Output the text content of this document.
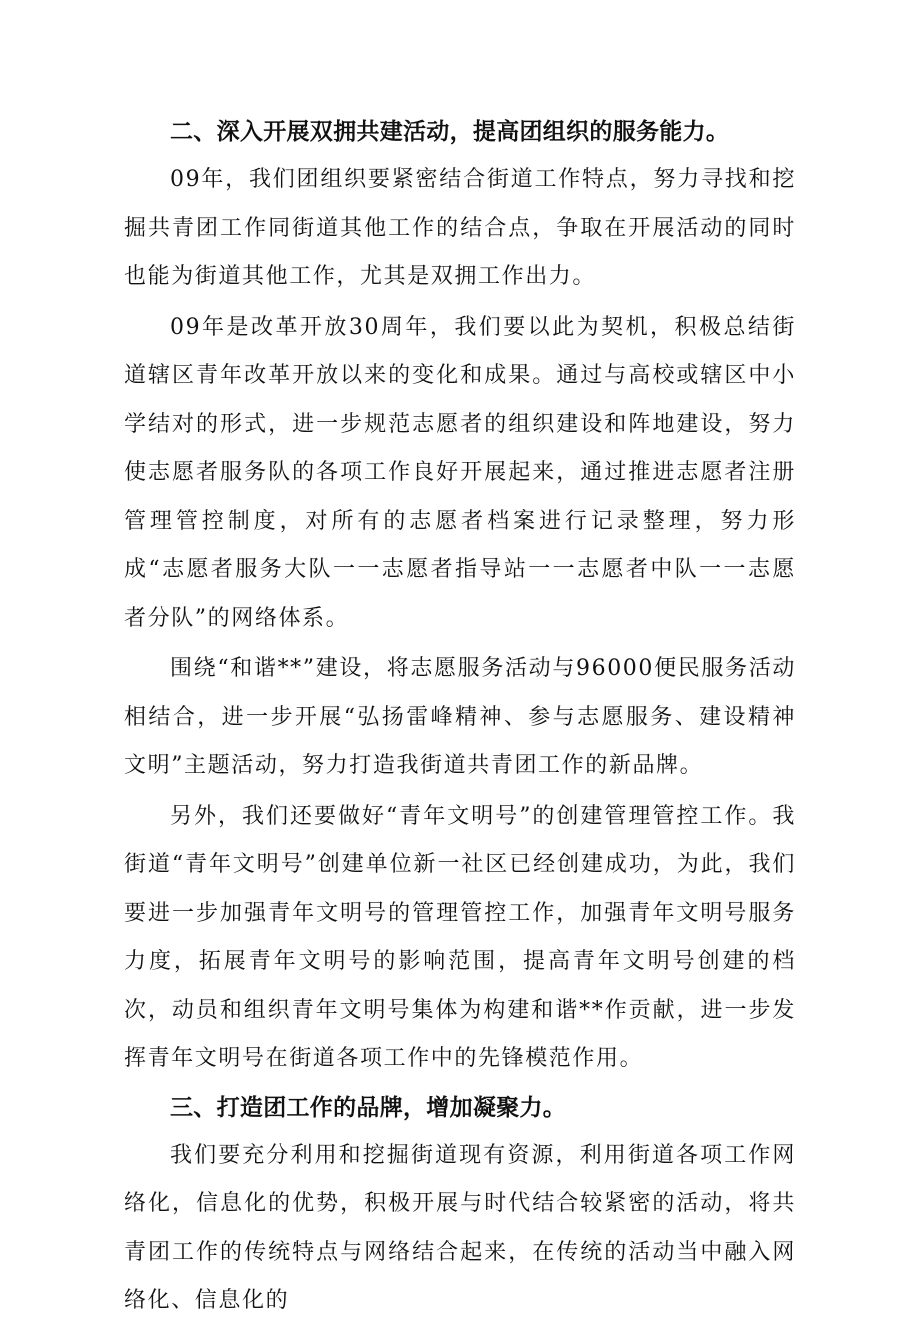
二、深入开展双拥共建活动，提高团组织的服务能力。

09年，我们团组织要紧密结合街道工作特点，努力寻找和挖掘共青团工作同街道其他工作的结合点，争取在开展活动的同时也能为街道其他工作，尤其是双拥工作出力。

09年是改革开放30周年，我们要以此为契机，积极总结街道辖区青年改革开放以来的变化和成果。通过与高校或辖区中小学结对的形式，进一步规范志愿者的组织建设和阵地建设，努力使志愿者服务队的各项工作良好开展起来，通过推进志愿者注册管理管控制度，对所有的志愿者档案进行记录整理，努力形成“志愿者服务大队一一志愿者指导站一一志愿者中队一一志愿者分队”的网络体系。

围绕“和谐**”建设，将志愿服务活动与96000便民服务活动相结合，进一步开展“弘扬雷峰精神、参与志愿服务、建设精神文明”主题活动，努力打造我街道共青团工作的新品牌。

另外，我们还要做好“青年文明号”的创建管理管控工作。我街道“青年文明号”创建单位新一社区已经创建成功，为此，我们要进一步加强青年文明号的管理管控工作，加强青年文明号服务力度，拓展青年文明号的影响范围，提高青年文明号创建的档次，动员和组织青年文明号集体为构建和谐**作贡献，进一步发挥青年文明号在街道各项工作中的先锋模范作用。

三、打造团工作的品牌，增加凝聚力。

我们要充分利用和挖掘街道现有资源，利用街道各项工作网络化，信息化的优势，积极开展与时代结合较紧密的活动，将共青团工作的传统特点与网络结合起来，在传统的活动当中融入网络化、信息化的
